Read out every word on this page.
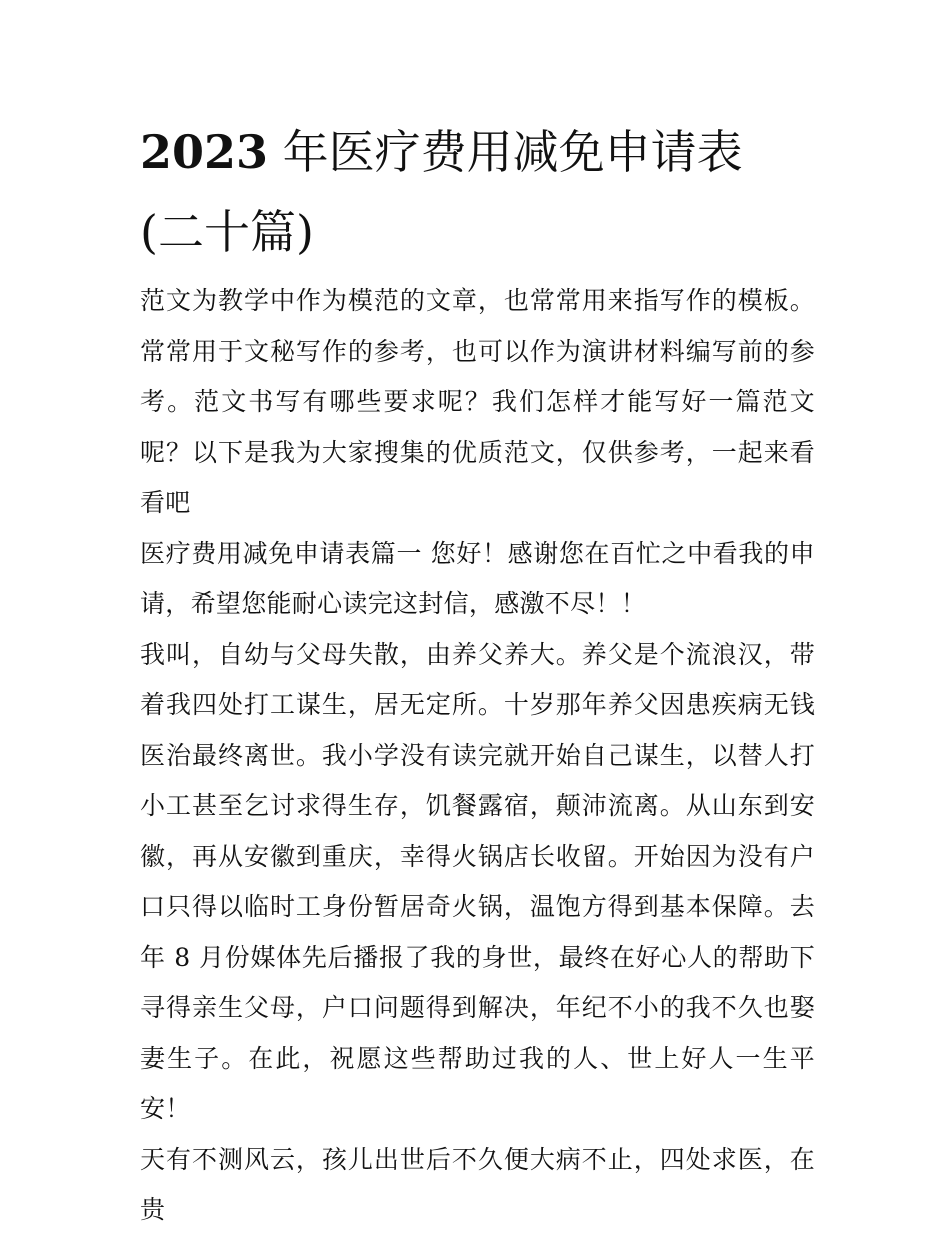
2023 年医疗费用减免申请表 (二十篇)

范文为教学中作为模范的文章，也常常用来指写作的模板。常常用于文秘写作的参考，也可以作为演讲材料编写前的参考。范文书写有哪些要求呢？我们怎样才能写好一篇范文呢？以下是我为大家搜集的优质范文，仅供参考，一起来看看吧

医疗费用减免申请表篇一 您好！感谢您在百忙之中看我的申请，希望您能耐心读完这封信，感激不尽！！

我叫，自幼与父母失散，由养父养大。养父是个流浪汉，带着我四处打工谋生，居无定所。十岁那年养父因患疾病无钱医治最终离世。我小学没有读完就开始自己谋生，以替人打小工甚至乞讨求得生存，饥餐露宿，颠沛流离。从山东到安徽，再从安徽到重庆，幸得火锅店长收留。开始因为没有户口只得以临时工身份暂居奇火锅，温饱方得到基本保障。去年 8 月份媒体先后播报了我的身世，最终在好心人的帮助下寻得亲生父母，户口问题得到解决，年纪不小的我不久也娶妻生子。在此，祝愿这些帮助过我的人、世上好人一生平安！

天有不测风云，孩儿出世后不久便大病不止，四处求医，在贵
